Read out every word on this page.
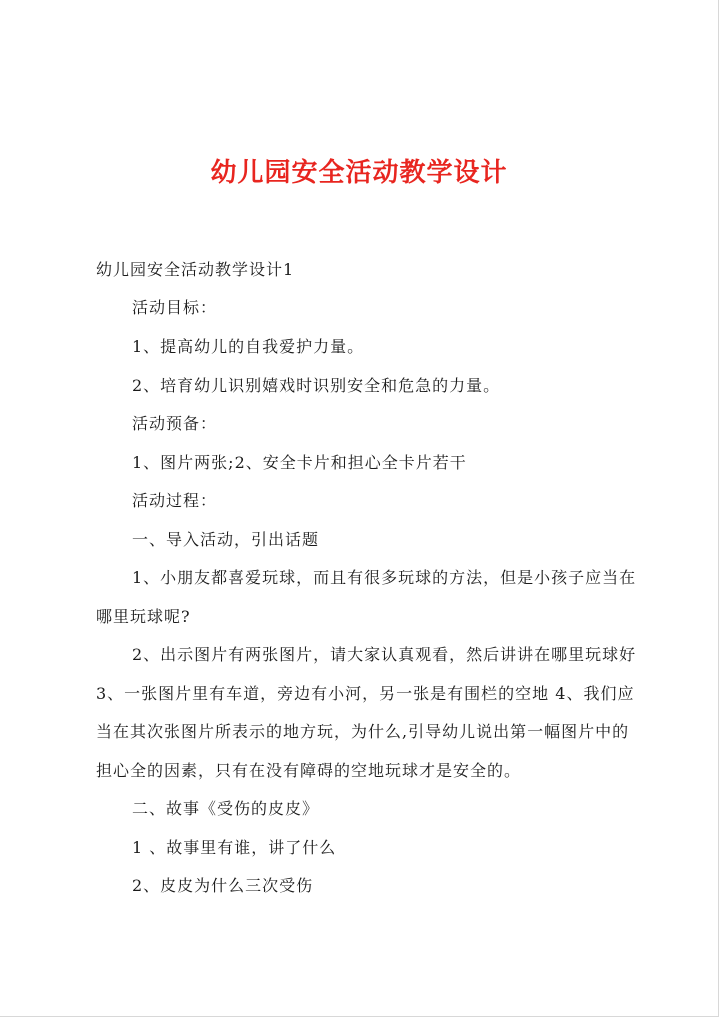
幼儿园安全活动教学设计
幼儿园安全活动教学设计1
活动目标：
1、提高幼儿的自我爱护力量。
2、培育幼儿识别嬉戏时识别安全和危急的力量。
活动预备：
1、图片两张;2、安全卡片和担心全卡片若干
活动过程：
一、导入活动，引出话题
1、小朋友都喜爱玩球，而且有很多玩球的方法，但是小孩子应当在
哪里玩球呢?
2、出示图片有两张图片，请大家认真观看，然后讲讲在哪里玩球好
3、一张图片里有车道，旁边有小河，另一张是有围栏的空地 4、我们应
当在其次张图片所表示的地方玩，为什么,引导幼儿说出第一幅图片中的
担心全的因素，只有在没有障碍的空地玩球才是安全的。
二、故事《受伤的皮皮》
1 、故事里有谁，讲了什么
2、皮皮为什么三次受伤
